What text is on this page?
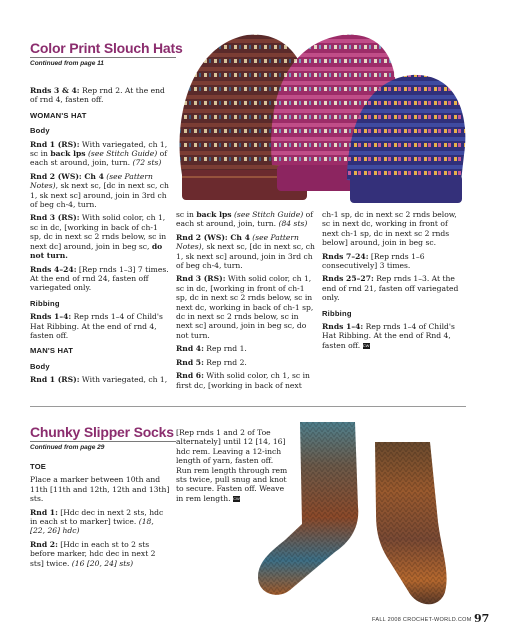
Color Print Slouch Hats
Continued from page 11

Rnds 3 & 4: Rep rnd 2. At the end of rnd 4, fasten off.

WOMAN'S HAT
Body

Rnd 1 (RS): With variegated, ch 1, sc in back lps (see Stitch Guide) of each st around, join, turn. (72 sts)

Rnd 2 (WS): Ch 4 (see Pattern Notes), sk next sc, [dc in next sc, ch 1, sk next sc] around, join in 3rd ch of beg ch-4, turn.

Rnd 3 (RS): With solid color, ch 1, sc in dc, [working in back of ch-1 sp, dc in next sc 2 rnds below, sc in next dc] around, join in beg sc, do not turn.

Rnds 4–24: [Rep rnds 1–3] 7 times. At the end of rnd 24, fasten off variegated only.

Ribbing

Rnds 1–4: Rep rnds 1–4 of Child's Hat Ribbing. At the end of rnd 4, fasten off.

MAN'S HAT
Body

Rnd 1 (RS): With variegated, ch 1,

sc in back lps (see Stitch Guide) of each st around, join, turn. (84 sts)

Rnd 2 (WS): Ch 4 (see Pattern Notes), sk next sc, [dc in next sc, ch 1, sk next sc] around, join in 3rd ch of beg ch-4, turn.

Rnd 3 (RS): With solid color, ch 1, sc in dc, [working in front of ch-1 sp, dc in next sc 2 rnds below, sc in next dc, working in back of ch-1 sp, dc in next sc 2 rnds below, sc in next sc] around, join in beg sc, do not turn.

Rnd 4: Rep rnd 1.

Rnd 5: Rep rnd 2.

Rnd 6: With solid color, ch 1, sc in first dc, [working in back of next

ch-1 sp, dc in next sc 2 rnds below, sc in next dc, working in front of next ch-1 sp, dc in next sc 2 rnds below] around, join in beg sc.

Rnds 7–24: [Rep rnds 1–6 consecutively] 3 times.

Rnds 25–27: Rep rnds 1–3. At the end of rnd 21, fasten off variegated only.

Ribbing

Rnds 1–4: Rep rnds 1–4 of Child's Hat Ribbing. At the end of Rnd 4, fasten off. CW

Chunky Slipper Socks
Continued from page 29
TOE

Place a marker between 10th and 11th [11th and 12th, 12th and 13th] sts.

Rnd 1: [Hdc dec in next 2 sts, hdc in each st to marker] twice. (18, [22, 26] hdc)

Rnd 2: [Hdc in each st to 2 sts before marker, hdc dec in next 2 sts] twice. (16 [20, 24] sts)

[Rep rnds 1 and 2 of Toe alternately] until 12 [14, 16] hdc rem. Leaving a 12-inch length of yarn, fasten off. Run rem length through rem sts twice, pull snug and knot to secure. Fasten off. Weave in rem length. CW

FALL 2008 CROCHET-WORLD.COM 97
